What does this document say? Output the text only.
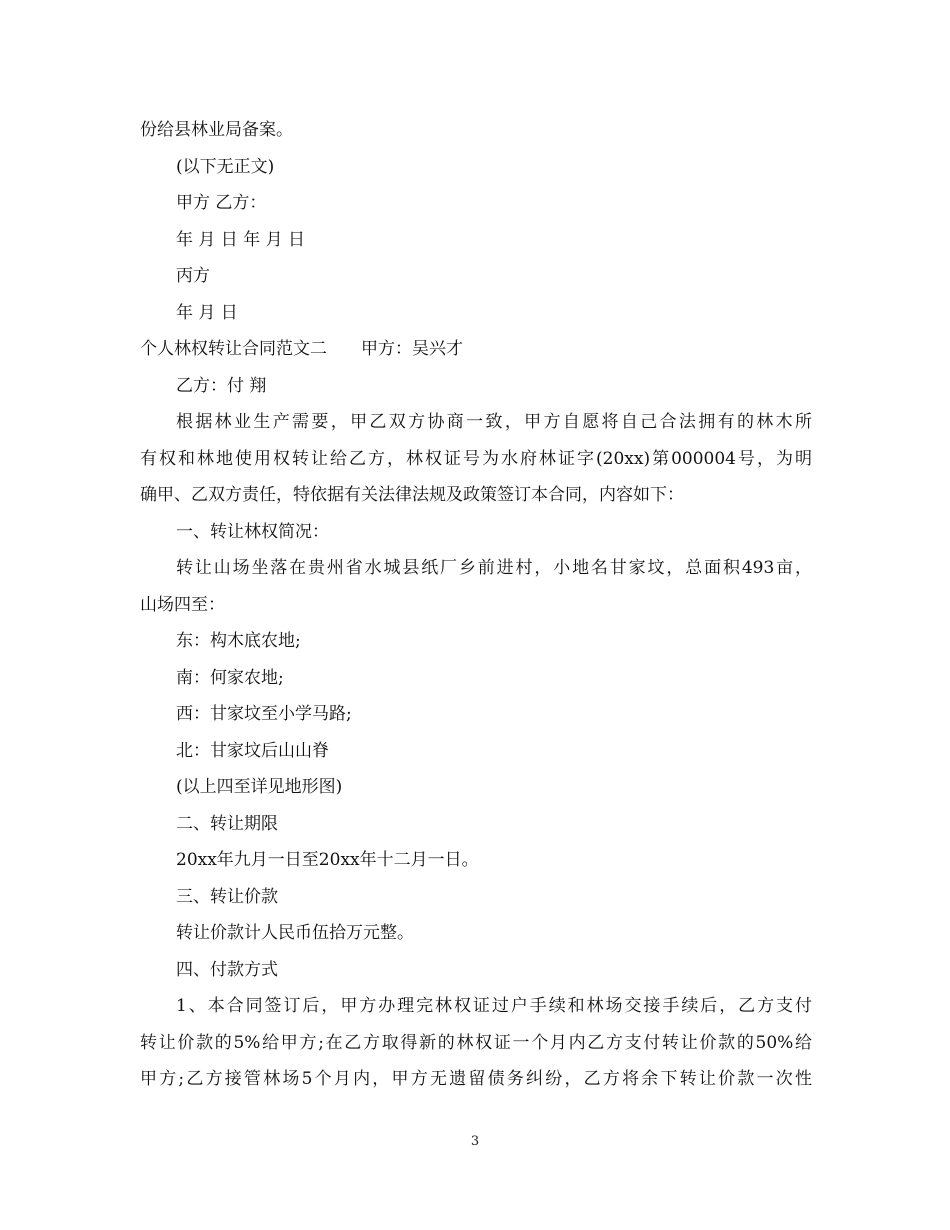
份给县林业局备案。
(以下无正文)
甲方 乙方：
年 月 日 年 月 日
丙方
年 月 日
个人林权转让合同范文二　　甲方：吴兴才
乙方：付 翔
根据林业生产需要，甲乙双方协商一致，甲方自愿将自己合法拥有的林木所
有权和林地使用权转让给乙方，林权证号为水府林证字(20xx)第000004号，为明
确甲、乙双方责任，特依据有关法律法规及政策签订本合同，内容如下：
一、转让林权简况：
转让山场坐落在贵州省水城县纸厂乡前进村，小地名甘家坟，总面积493亩，
山场四至：
东：构木底农地;
南：何家农地;
西：甘家坟至小学马路;
北：甘家坟后山山脊
(以上四至详见地形图)
二、转让期限
20xx年九月一日至20xx年十二月一日。
三、转让价款
转让价款计人民币伍拾万元整。
四、付款方式
1、本合同签订后，甲方办理完林权证过户手续和林场交接手续后，乙方支付
转让价款的5%给甲方;在乙方取得新的林权证一个月内乙方支付转让价款的50%给
甲方;乙方接管林场5个月内，甲方无遗留债务纠纷，乙方将余下转让价款一次性
3
